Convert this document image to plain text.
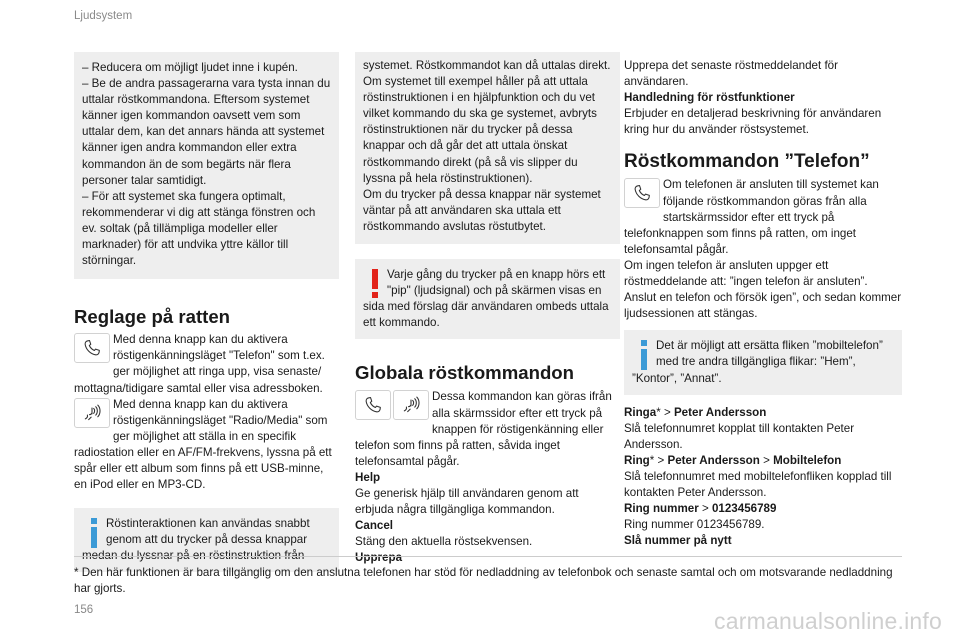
Ljudsystem

– Reducera om möjligt ljudet inne i kupén.

– Be de andra passagerarna vara tysta innan du uttalar röstkommandona. Eftersom systemet känner igen kommandon oavsett vem som uttalar dem, kan det annars hända att systemet känner igen andra kommandon eller extra kommandon än de som begärts när flera personer talar samtidigt.

– För att systemet ska fungera optimalt, rekommenderar vi dig att stänga fönstren och ev. soltak (på tillämpliga modeller eller marknader) för att undvika yttre källor till störningar.

Reglage på ratten
Med denna knapp kan du aktivera röstigenkänningsläget "Telefon" som t.ex. ger möjlighet att ringa upp, visa senaste/ mottagna/tidigare samtal eller visa adressboken.
Med denna knapp kan du aktivera röstigenkänningsläget "Radio/Media" som ger möjlighet att ställa in en specifik radiostation eller en AF/FM-frekvens, lyssna på ett spår eller ett album som finns på ett USB-minne, en iPod eller en MP3-CD.
Röstinteraktionen kan användas snabbt genom att du trycker på dessa knappar medan du lyssnar på en röstinstruktion från

systemet. Röstkommandot kan då uttalas direkt.

Om systemet till exempel håller på att uttala röstinstruktionen i en hjälpfunktion och du vet vilket kommando du ska ge systemet, avbryts röstinstruktionen när du trycker på dessa knappar och då går det att uttala önskat röstkommando direkt (på så vis slipper du lyssna på hela röstinstruktionen).

Om du trycker på dessa knappar när systemet väntar på att användaren ska uttala ett röstkommando avslutas röstutbytet.

Varje gång du trycker på en knapp hörs ett "pip" (ljudsignal) och på skärmen visas en sida med förslag där användaren ombeds uttala ett kommando.
Globala röstkommandon
Dessa kommandon kan göras ifrån alla skärmssidor efter ett tryck på knappen för röstigenkänning eller telefon som finns på ratten, såvida inget telefonsamtal pågår.

Help

Ge generisk hjälp till användaren genom att erbjuda några tillgängliga kommandon.

Cancel

Stäng den aktuella röstsekvensen.

Upprepa

Upprepa det senaste röstmeddelandet för användaren.

Handledning för röstfunktioner

Erbjuder en detaljerad beskrivning för användaren kring hur du använder röstsystemet.

Röstkommandon ”Telefon”
Om telefonen är ansluten till systemet kan följande röstkommandon göras från alla startskärmssidor efter ett tryck på telefonknappen som finns på ratten, om inget telefonsamtal pågår.

Om ingen telefon är ansluten uppger ett röstmeddelande att: ”ingen telefon är ansluten”. Anslut en telefon och försök igen”, och sedan kommer ljudsessionen att stängas.

Det är möjligt att ersätta fliken ”mobiltelefon” med tre andra tillgängliga flikar: ”Hem”, ”Kontor”, ”Annat”.

Ringa* > Peter Andersson

Slå telefonnumret kopplat till kontakten Peter Andersson.

Ring* > Peter Andersson > Mobiltelefon

Slå telefonnumret med mobiltelefonfliken kopplad till kontakten Peter Andersson.

Ring nummer > 0123456789

Ring nummer 0123456789.

Slå nummer på nytt

* Den här funktionen är bara tillgänglig om den anslutna telefonen har stöd för nedladdning av telefonbok och senaste samtal och om motsvarande nedladdning har gjorts.
156	carmanualsonline.info
